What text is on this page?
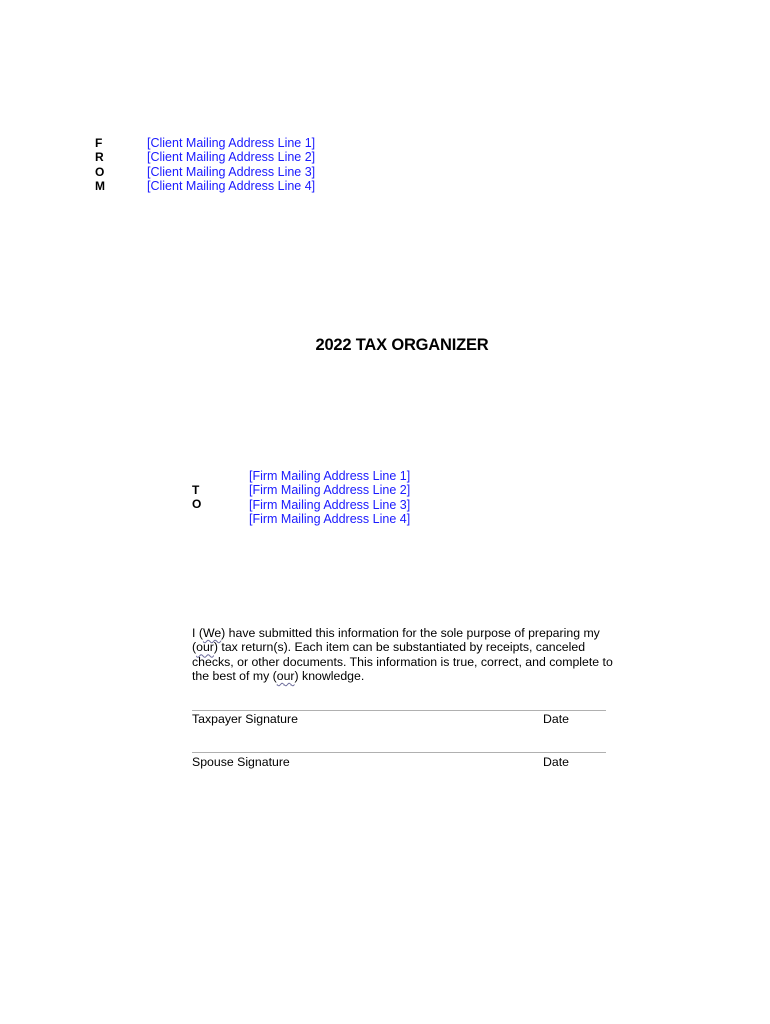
F
R
O
M
[Client Mailing Address Line 1]
[Client Mailing Address Line 2]
[Client Mailing Address Line 3]
[Client Mailing Address Line 4]
2022 TAX ORGANIZER
T
O
[Firm Mailing Address Line 1]
[Firm Mailing Address Line 2]
[Firm Mailing Address Line 3]
[Firm Mailing Address Line 4]
I (We) have submitted this information for the sole purpose of preparing my
(our) tax return(s). Each item can be substantiated by receipts, canceled
checks, or other documents. This information is true, correct, and complete to
the best of my (our) knowledge.
Taxpayer Signature	Date
Spouse Signature	Date
